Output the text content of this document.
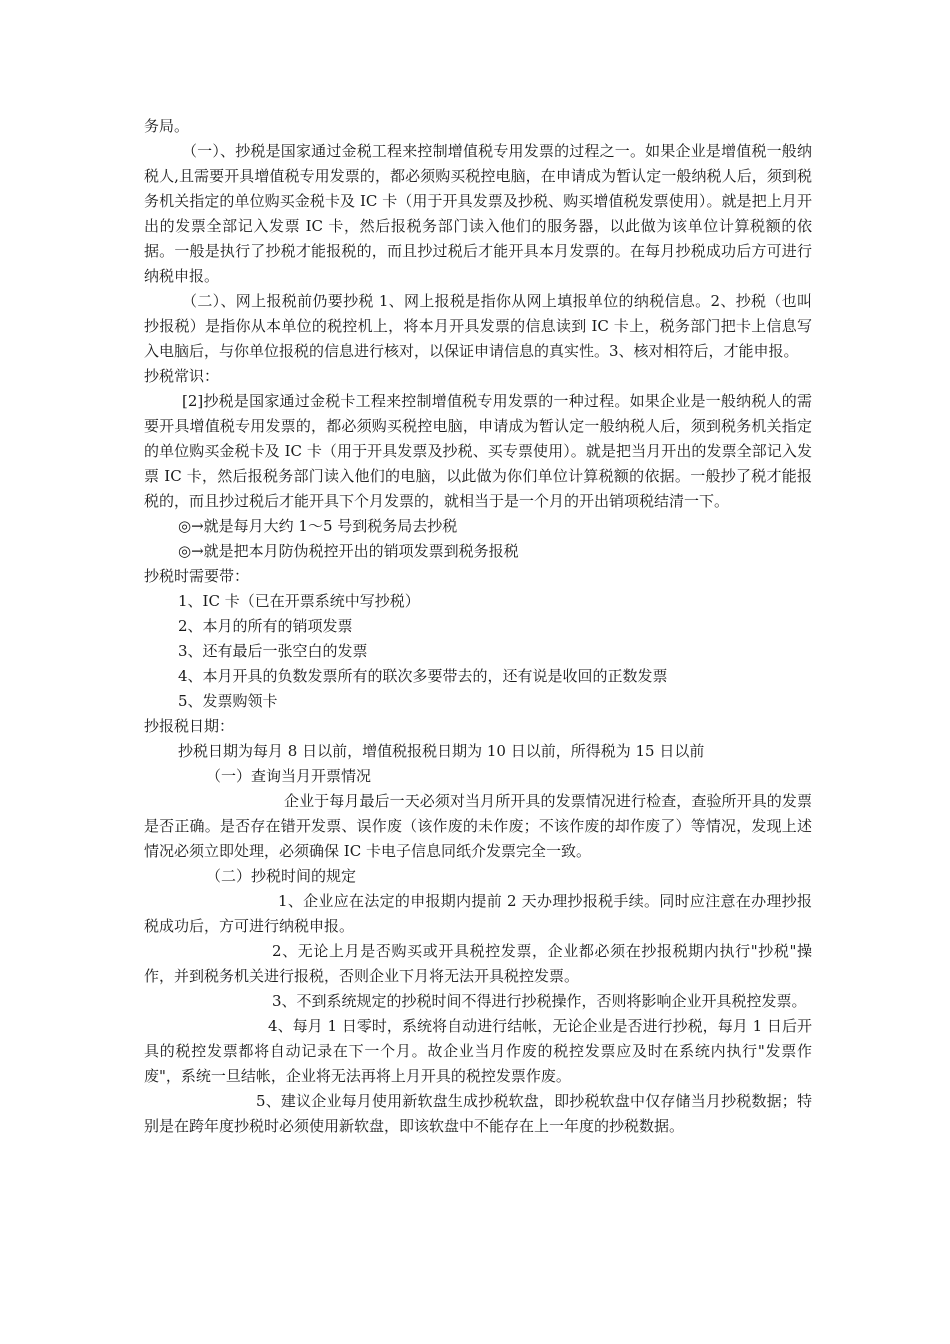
务局。

（一）、抄税是国家通过金税工程来控制增值税专用发票的过程之一。如果企业是增值税一般纳税人,且需要开具增值税专用发票的，都必须购买税控电脑，在申请成为暂认定一般纳税人后，须到税务机关指定的单位购买金税卡及 IC 卡（用于开具发票及抄税、购买增值税发票使用）。就是把上月开出的发票全部记入发票 IC 卡，然后报税务部门读入他们的服务器，以此做为该单位计算税额的依据。一般是执行了抄税才能报税的，而且抄过税后才能开具本月发票的。在每月抄税成功后方可进行纳税申报。

（二）、网上报税前仍要抄税 1、网上报税是指你从网上填报单位的纳税信息。2、抄税（也叫抄报税）是指你从本单位的税控机上，将本月开具发票的信息读到 IC 卡上，税务部门把卡上信息写入电脑后，与你单位报税的信息进行核对，以保证申请信息的真实性。3、核对相符后，才能申报。

抄税常识：

[2]抄税是国家通过金税卡工程来控制增值税专用发票的一种过程。如果企业是一般纳税人的需要开具增值税专用发票的，都必须购买税控电脑，申请成为暂认定一般纳税人后，须到税务机关指定的单位购买金税卡及 IC 卡（用于开具发票及抄税、买专票使用）。就是把当月开出的发票全部记入发票 IC 卡，然后报税务部门读入他们的电脑，以此做为你们单位计算税额的依据。一般抄了税才能报税的，而且抄过税后才能开具下个月发票的，就相当于是一个月的开出销项税结清一下。

◎→就是每月大约 1～5 号到税务局去抄税

◎→就是把本月防伪税控开出的销项发票到税务报税

抄税时需要带：

1、IC 卡（已在开票系统中写抄税）

2、本月的所有的销项发票

3、还有最后一张空白的发票

4、本月开具的负数发票所有的联次多要带去的，还有说是收回的正数发票

5、发票购领卡

抄报税日期：

抄税日期为每月 8 日以前，增值税报税日期为 10 日以前，所得税为 15 日以前

（一）查询当月开票情况

企业于每月最后一天必须对当月所开具的发票情况进行检查，查验所开具的发票是否正确。是否存在错开发票、误作废（该作废的未作废；不该作废的却作废了）等情况，发现上述情况必须立即处理，必须确保 IC 卡电子信息同纸介发票完全一致。

（二）抄税时间的规定

1、企业应在法定的申报期内提前 2 天办理抄报税手续。同时应注意在办理抄报税成功后，方可进行纳税申报。

2、无论上月是否购买或开具税控发票，企业都必须在抄报税期内执行"抄税"操作，并到税务机关进行报税，否则企业下月将无法开具税控发票。

3、不到系统规定的抄税时间不得进行抄税操作，否则将影响企业开具税控发票。

4、每月 1 日零时，系统将自动进行结帐，无论企业是否进行抄税，每月 1 日后开具的税控发票都将自动记录在下一个月。故企业当月作废的税控发票应及时在系统内执行"发票作废"，系统一旦结帐，企业将无法再将上月开具的税控发票作废。

5、建议企业每月使用新软盘生成抄税软盘，即抄税软盘中仅存储当月抄税数据；特别是在跨年度抄税时必须使用新软盘，即该软盘中不能存在上一年度的抄税数据。
